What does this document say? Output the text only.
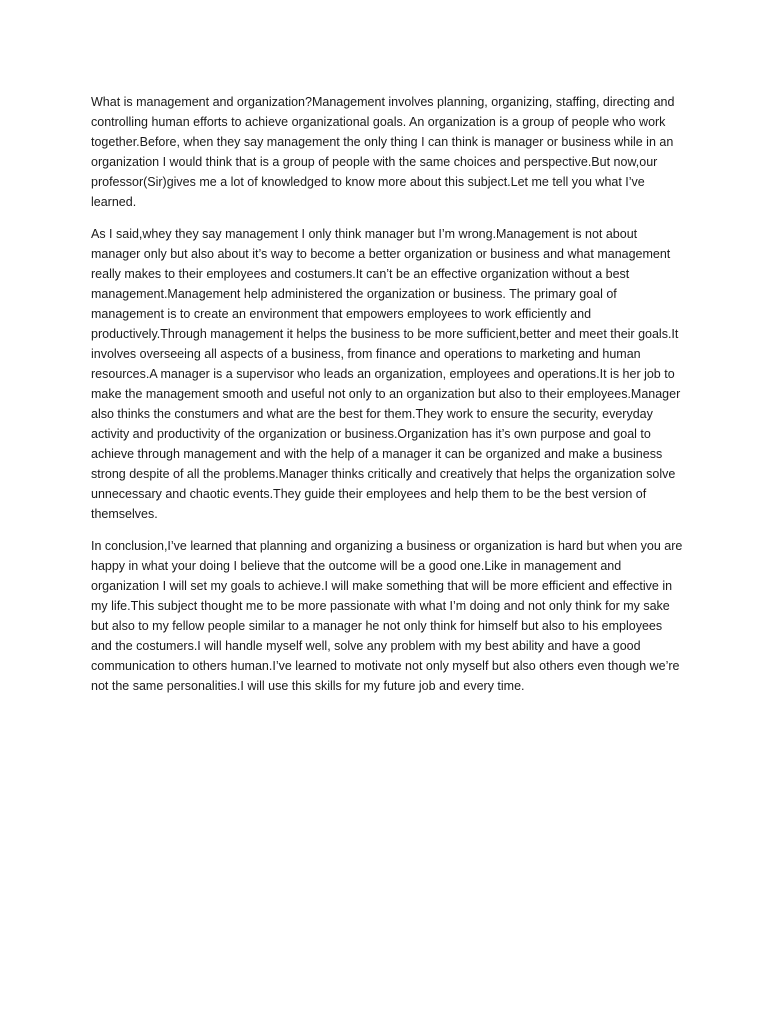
What is management and organization?Management involves planning, organizing, staffing, directing and controlling human efforts to achieve organizational goals. An organization is a group of people who work together.Before, when they say management the only thing I can think is manager or business while in an organization I would think that is a group of people with the same choices and perspective.But now,our professor(Sir)gives me a lot of knowledged to know more about this subject.Let me tell you what I’ve learned.

As I said,whey they say management I only think manager but I’m wrong.Management is not about manager only but also about it’s way to become a better organization or business and what management really makes to their employees and costumers.It can’t be an effective organization without a best management.Management help administered the organization or business. The primary goal of management is to create an environment that empowers employees to work efficiently and productively.Through management it helps the business to be more sufficient,better and meet their goals.It involves overseeing all aspects of a business, from finance and operations to marketing and human resources.A manager is a supervisor who leads an organization, employees and operations.It is her job to make the management smooth and useful not only to an organization but also to their employees.Manager also thinks the constumers and what are the best for them.They work to ensure the security, everyday activity and productivity of the organization or business.Organization has it’s own purpose and goal to achieve through management and with the help of a manager it can be organized and make a business strong despite of all the problems.Manager thinks critically and creatively that helps the organization solve unnecessary and chaotic events.They guide their employees and help them to be the best version of themselves.

In conclusion,I’ve learned that planning and organizing a business or organization is hard but when you are happy in what your doing I believe that the outcome will be a good one.Like in management and organization I will set my goals to achieve.I will make something that will be more efficient and effective in my life.This subject thought me to be more passionate with what I’m doing and not only think for my sake but also to my fellow people similar to a manager he not only think for himself but also to his employees and the costumers.I will handle myself well, solve any problem with my best ability and have a good communication to others human.I’ve learned to motivate not only myself but also others even though we’re not the same personalities.I will use this skills for my future job and every time.
